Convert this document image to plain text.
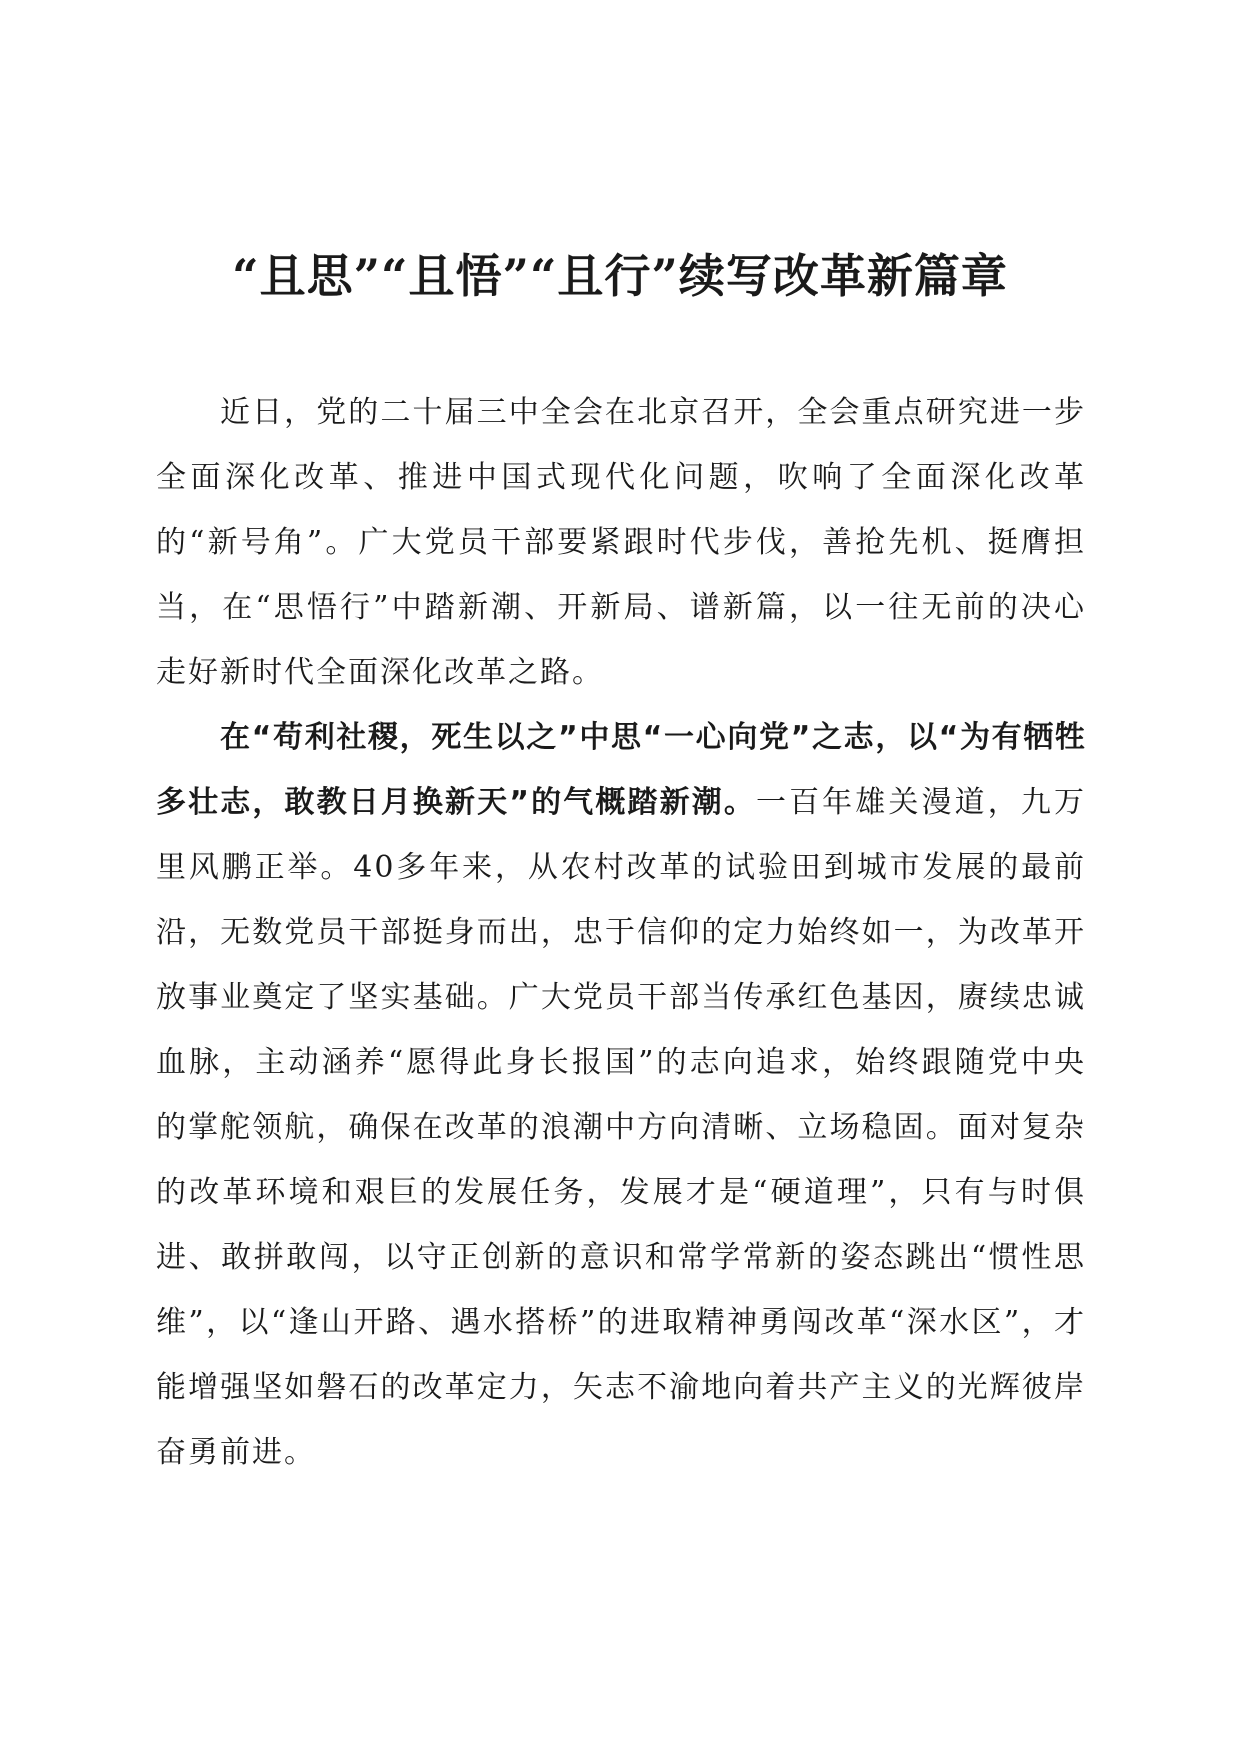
“且思”“且悟”“且行”续写改革新篇章

近日，党的二十届三中全会在北京召开，全会重点研究进一步全面深化改革、推进中国式现代化问题，吹响了全面深化改革的“新号角”。广大党员干部要紧跟时代步伐，善抢先机、挺膺担当，在“思悟行”中踏新潮、开新局、谱新篇，以一往无前的决心走好新时代全面深化改革之路。

在“苟利社稷，死生以之”中思“一心向党”之志，以“为有牺牲多壮志，敢教日月换新天”的气概踏新潮。一百年雄关漫道，九万里风鹏正举。40多年来，从农村改革的试验田到城市发展的最前沿，无数党员干部挺身而出，忠于信仰的定力始终如一，为改革开放事业奠定了坚实基础。广大党员干部当传承红色基因，赓续忠诚血脉，主动涵养“愿得此身长报国”的志向追求，始终跟随党中央的掌舵领航，确保在改革的浪潮中方向清晰、立场稳固。面对复杂的改革环境和艰巨的发展任务，发展才是“硬道理”，只有与时俱进、敢拼敢闯，以守正创新的意识和常学常新的姿态跳出“惯性思维”，以“逢山开路、遇水搭桥”的进取精神勇闯改革“深水区”，才能增强坚如磐石的改革定力，矢志不渝地向着共产主义的光辉彼岸奋勇前进。
